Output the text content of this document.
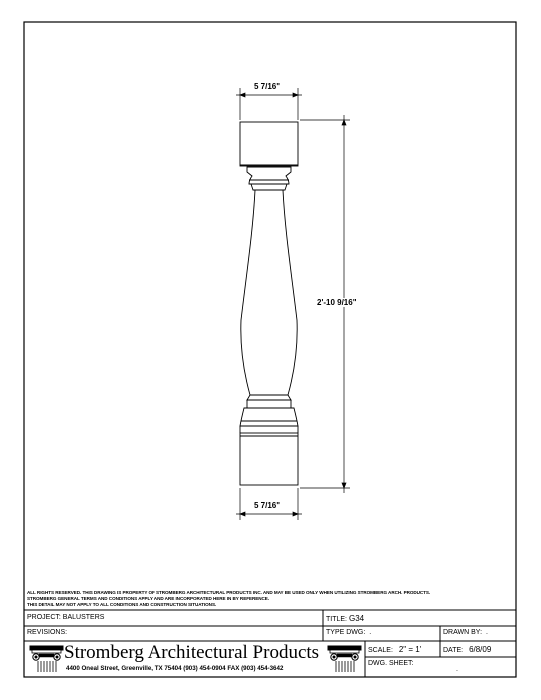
5 7/16"
5 7/16"
2'-10 9/16"
ALL RIGHTS RESERVED. THIS DRAWING IS PROPERTY OF STROMBERG ARCHITECTURAL PRODUCTS INC. AND MAY BE USED ONLY WHEN UTILIZING STROMBERG ARCH. PRODUCTS.
STROMBERG GENERAL TERMS AND CONDITIONS APPLY AND ARE INCORPORATED HERE IN BY REFERENCE.
THIS DETAIL MAY NOT APPLY TO ALL CONDITIONS AND CONSTRUCTION SITUATIONS.
PROJECT: BALUSTERS	TITLE: G34
REVISIONS:	TYPE DWG: .	DRAWN BY: .
SCALE: 2" = 1'	DATE: 6/8/09
DWG. SHEET:
.
Stromberg Architectural Products
4400 Oneal Street, Greenville, TX 75404 (903) 454-0904 FAX (903) 454-3642
